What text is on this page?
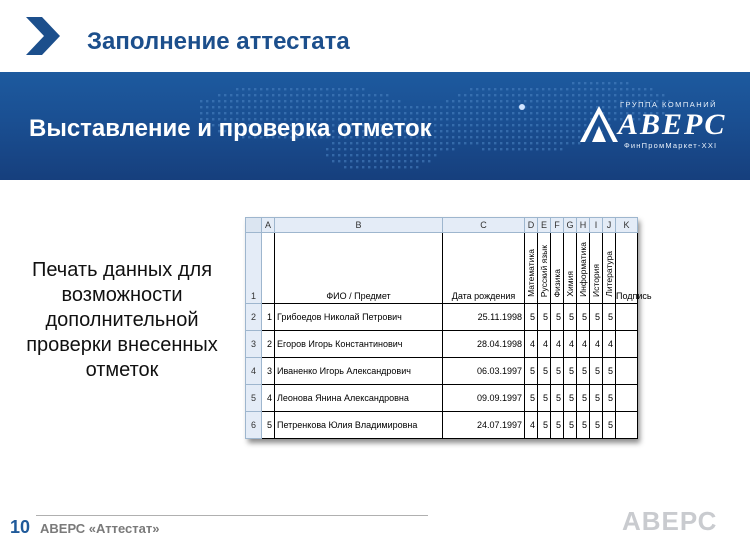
Заполнение аттестата
Выставление и проверка отметок
ГРУППА КОМПАНИЙ
АВЕРС
ФинПромМаркет-XXI
Печать данных для возможности дополнительной проверки внесенных отметок
	A	B	C	D	E	F	G	H	I	J	K
1		ФИО / Предмет	Дата рождения	Математика	Русский язык	Физика	Химия	Информатика	История	Литература	Подпись
2	1	Грибоедов Николай Петрович	25.11.1998	5	5	5	5	5	5	5	
3	2	Егоров Игорь Константинович	28.04.1998	4	4	4	4	4	4	4	
4	3	Иваненко Игорь Александрович	06.03.1997	5	5	5	5	5	5	5	
5	4	Леонова Янина Александровна	09.09.1997	5	5	5	5	5	5	5	
6	5	Петренкова Юлия Владимировна	24.07.1997	4	5	5	5	5	5	5	
10 АВЕРС «Аттестат»	АВЕРС
